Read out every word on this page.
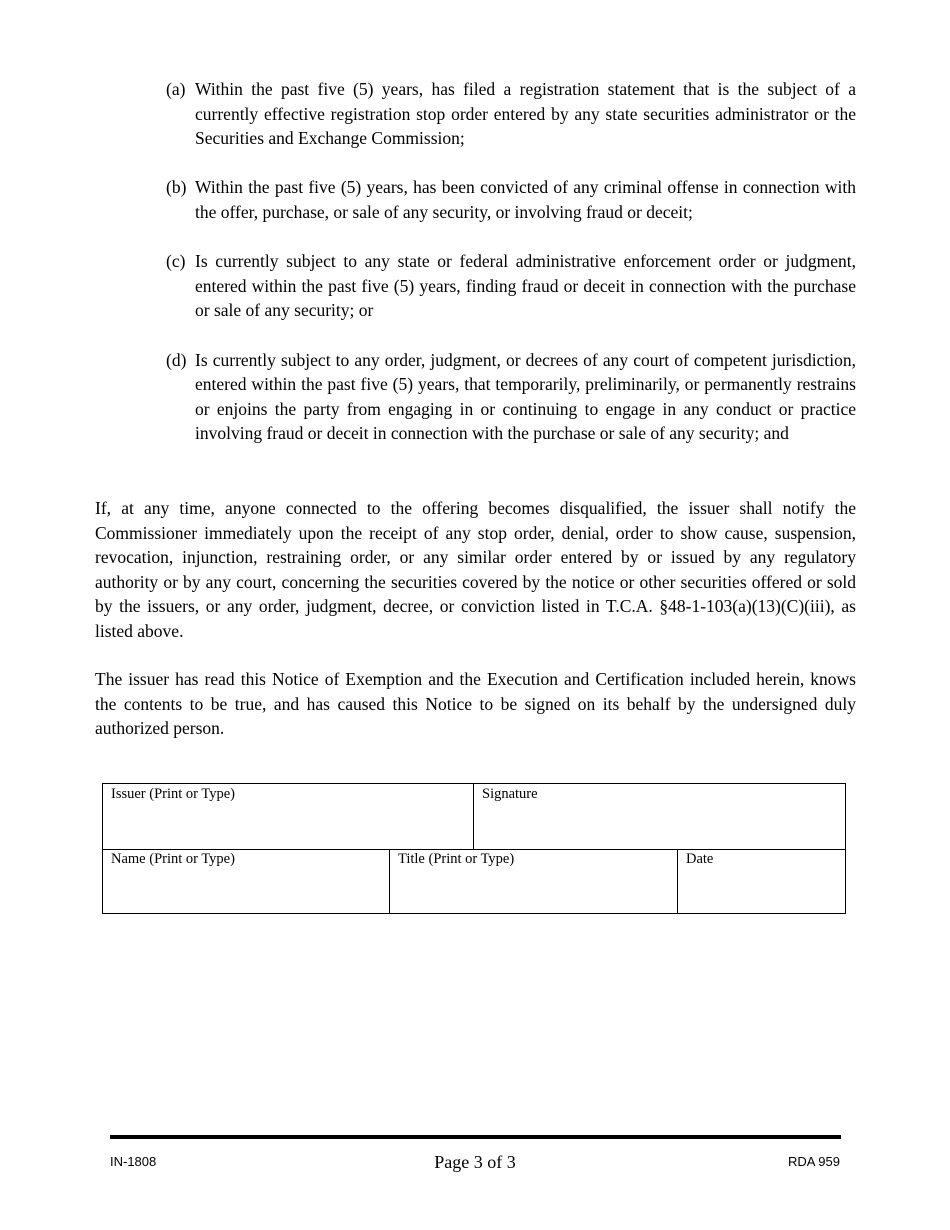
(a) Within the past five (5) years, has filed a registration statement that is the subject of a currently effective registration stop order entered by any state securities administrator or the Securities and Exchange Commission;
(b) Within the past five (5) years, has been convicted of any criminal offense in connection with the offer, purchase, or sale of any security, or involving fraud or deceit;
(c) Is currently subject to any state or federal administrative enforcement order or judgment, entered within the past five (5) years, finding fraud or deceit in connection with the purchase or sale of any security; or
(d) Is currently subject to any order, judgment, or decrees of any court of competent jurisdiction, entered within the past five (5) years, that temporarily, preliminarily, or permanently restrains or enjoins the party from engaging in or continuing to engage in any conduct or practice involving fraud or deceit in connection with the purchase or sale of any security; and

If, at any time, anyone connected to the offering becomes disqualified, the issuer shall notify the Commissioner immediately upon the receipt of any stop order, denial, order to show cause, suspension, revocation, injunction, restraining order, or any similar order entered by or issued by any regulatory authority or by any court, concerning the securities covered by the notice or other securities offered or sold by the issuers, or any order, judgment, decree, or conviction listed in T.C.A. §48-1-103(a)(13)(C)(iii), as listed above.

The issuer has read this Notice of Exemption and the Execution and Certification included herein, knows the contents to be true, and has caused this Notice to be signed on its behalf by the undersigned duly authorized person.

Issuer (Print or Type)	Signature
Name (Print or Type)	Title (Print or Type)	Date
IN-1808	Page 3 of 3	RDA 959
